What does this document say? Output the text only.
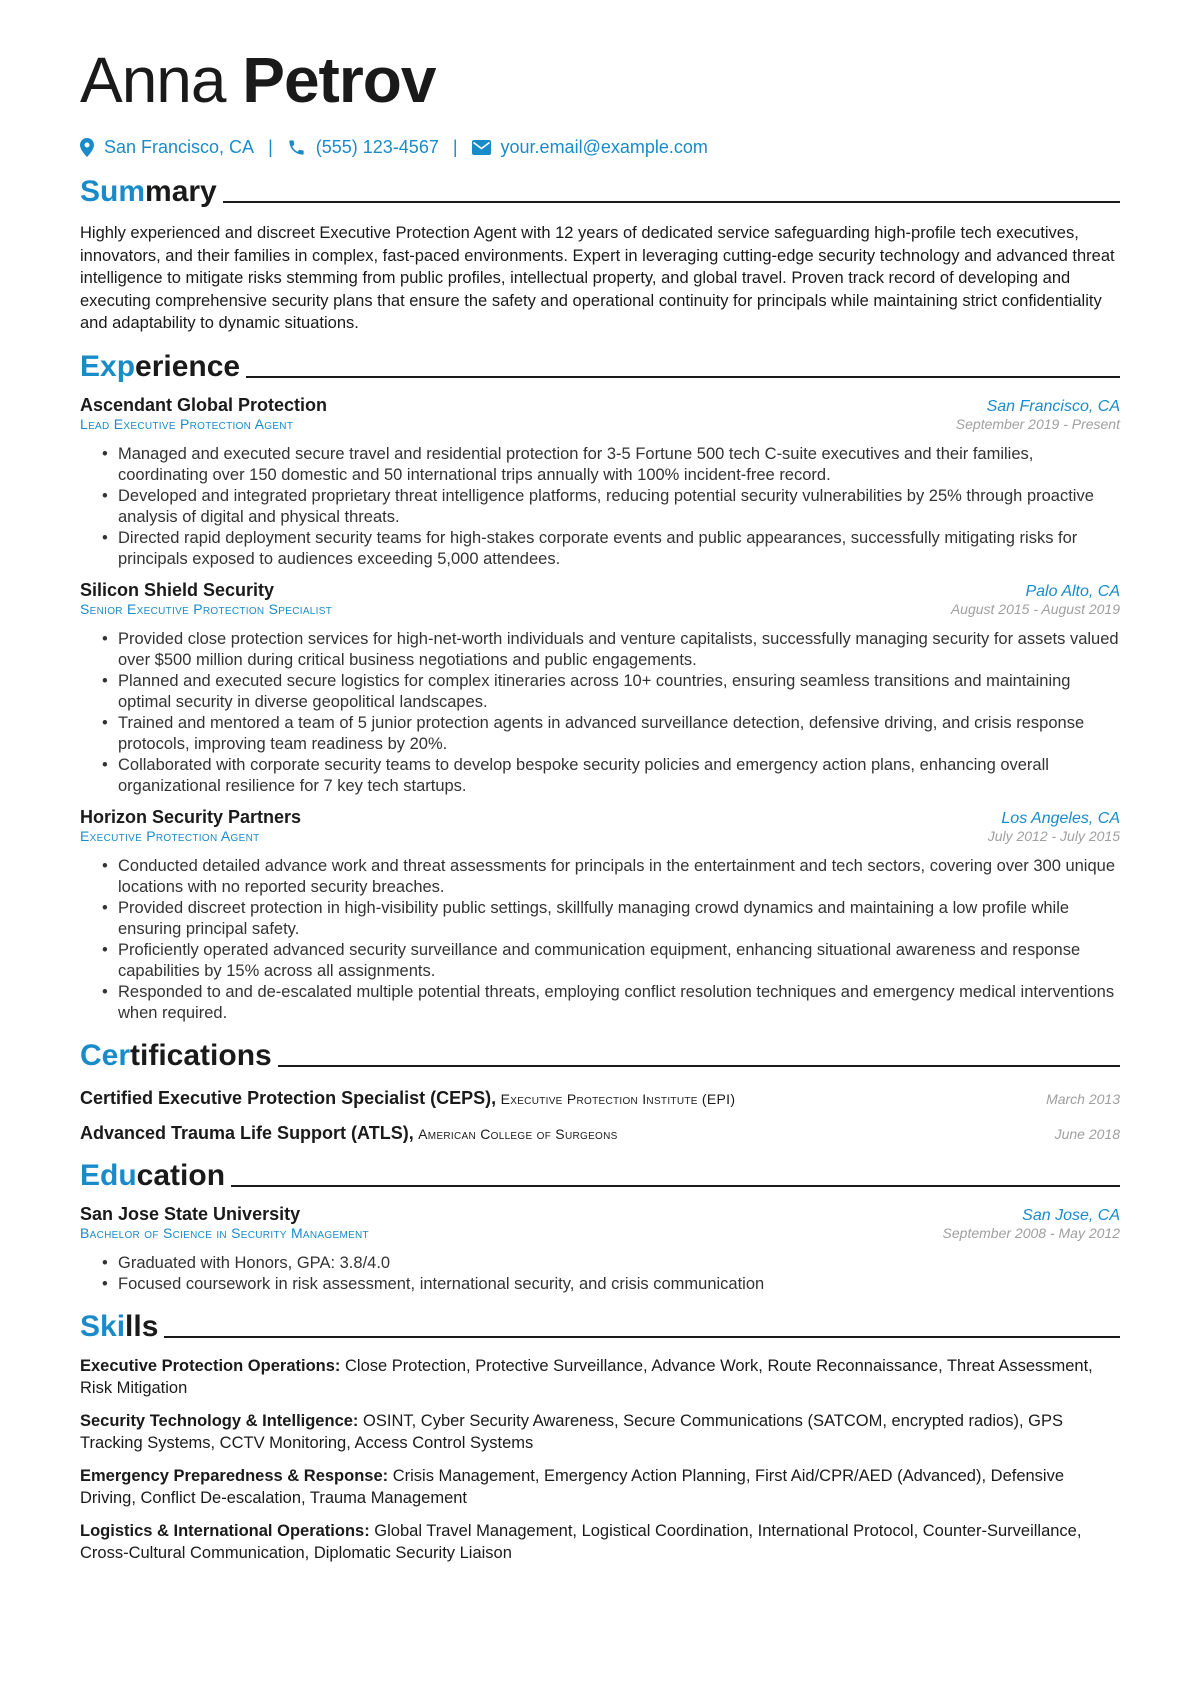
Anna Petrov
San Francisco, CA | (555) 123-4567 | your.email@example.com
Summary

Highly experienced and discreet Executive Protection Agent with 12 years of dedicated service safeguarding high-profile tech executives, innovators, and their families in complex, fast-paced environments. Expert in leveraging cutting-edge security technology and advanced threat intelligence to mitigate risks stemming from public profiles, intellectual property, and global travel. Proven track record of developing and executing comprehensive security plans that ensure the safety and operational continuity for principals while maintaining strict confidentiality and adaptability to dynamic situations.

Experience
Ascendant Global Protection	San Francisco, CA
Lead Executive Protection Agent	September 2019 - Present
• Managed and executed secure travel and residential protection for 3-5 Fortune 500 tech C-suite executives and their families, coordinating over 150 domestic and 50 international trips annually with 100% incident-free record.
• Developed and integrated proprietary threat intelligence platforms, reducing potential security vulnerabilities by 25% through proactive analysis of digital and physical threats.
• Directed rapid deployment security teams for high-stakes corporate events and public appearances, successfully mitigating risks for principals exposed to audiences exceeding 5,000 attendees.
Silicon Shield Security	Palo Alto, CA
Senior Executive Protection Specialist	August 2015 - August 2019
• Provided close protection services for high-net-worth individuals and venture capitalists, successfully managing security for assets valued over $500 million during critical business negotiations and public engagements.
• Planned and executed secure logistics for complex itineraries across 10+ countries, ensuring seamless transitions and maintaining optimal security in diverse geopolitical landscapes.
• Trained and mentored a team of 5 junior protection agents in advanced surveillance detection, defensive driving, and crisis response protocols, improving team readiness by 20%.
• Collaborated with corporate security teams to develop bespoke security policies and emergency action plans, enhancing overall organizational resilience for 7 key tech startups.
Horizon Security Partners	Los Angeles, CA
Executive Protection Agent	July 2012 - July 2015
• Conducted detailed advance work and threat assessments for principals in the entertainment and tech sectors, covering over 300 unique locations with no reported security breaches.
• Provided discreet protection in high-visibility public settings, skillfully managing crowd dynamics and maintaining a low profile while ensuring principal safety.
• Proficiently operated advanced security surveillance and communication equipment, enhancing situational awareness and response capabilities by 15% across all assignments.
• Responded to and de-escalated multiple potential threats, employing conflict resolution techniques and emergency medical interventions when required.
Certifications
Certified Executive Protection Specialist (CEPS), Executive Protection Institute (EPI)	March 2013
Advanced Trauma Life Support (ATLS), American College of Surgeons	June 2018
Education
San Jose State University	San Jose, CA
Bachelor of Science in Security Management	September 2008 - May 2012
• Graduated with Honors, GPA: 3.8/4.0
• Focused coursework in risk assessment, international security, and crisis communication
Skills

Executive Protection Operations: Close Protection, Protective Surveillance, Advance Work, Route Reconnaissance, Threat Assessment, Risk Mitigation

Security Technology & Intelligence: OSINT, Cyber Security Awareness, Secure Communications (SATCOM, encrypted radios), GPS Tracking Systems, CCTV Monitoring, Access Control Systems

Emergency Preparedness & Response: Crisis Management, Emergency Action Planning, First Aid/CPR/AED (Advanced), Defensive Driving, Conflict De-escalation, Trauma Management

Logistics & International Operations: Global Travel Management, Logistical Coordination, International Protocol, Counter-Surveillance, Cross-Cultural Communication, Diplomatic Security Liaison
